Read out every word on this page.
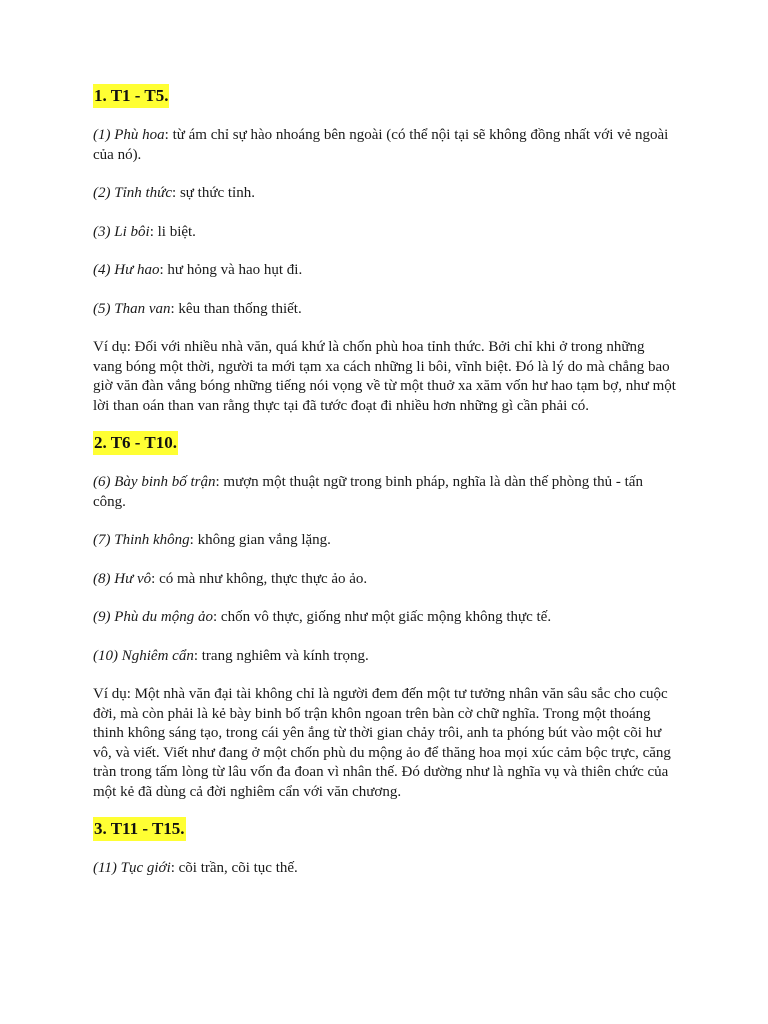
1. T1 - T5.

(1) Phù hoa: từ ám chỉ sự hào nhoáng bên ngoài (có thể nội tại sẽ không đồng nhất với vẻ ngoài của nó).

(2) Tỉnh thức: sự thức tỉnh.

(3) Li bôi: li biệt.

(4) Hư hao: hư hỏng và hao hụt đi.

(5) Than van: kêu than thống thiết.

Ví dụ: Đối với nhiều nhà văn, quá khứ là chốn phù hoa tỉnh thức. Bởi chỉ khi ở trong những vang bóng một thời, người ta mới tạm xa cách những li bôi, vĩnh biệt. Đó là lý do mà chẳng bao giờ văn đàn vắng bóng những tiếng nói vọng về từ một thuở xa xăm vốn hư hao tạm bợ, như một lời than oán than van rằng thực tại đã tước đoạt đi nhiều hơn những gì cần phải có.

2. T6 - T10.

(6) Bày binh bố trận: mượn một thuật ngữ trong binh pháp, nghĩa là dàn thế phòng thủ - tấn công.

(7) Thinh không: không gian vắng lặng.

(8) Hư vô: có mà như không, thực thực ảo ảo.

(9) Phù du mộng ảo: chốn vô thực, giống như một giấc mộng không thực tế.

(10) Nghiêm cẩn: trang nghiêm và kính trọng.

Ví dụ: Một nhà văn đại tài không chỉ là người đem đến một tư tưởng nhân văn sâu sắc cho cuộc đời, mà còn phải là kẻ bày binh bố trận khôn ngoan trên bàn cờ chữ nghĩa. Trong một thoáng thinh không sáng tạo, trong cái yên ắng từ thời gian chảy trôi, anh ta phóng bút vào một cõi hư vô, và viết. Viết như đang ở một chốn phù du mộng ảo để thăng hoa mọi xúc cảm bộc trực, căng tràn trong tấm lòng từ lâu vốn đa đoan vì nhân thế. Đó dường như là nghĩa vụ và thiên chức của một kẻ đã dùng cả đời nghiêm cẩn với văn chương.

3. T11 - T15.

(11) Tục giới: cõi trần, cõi tục thế.
